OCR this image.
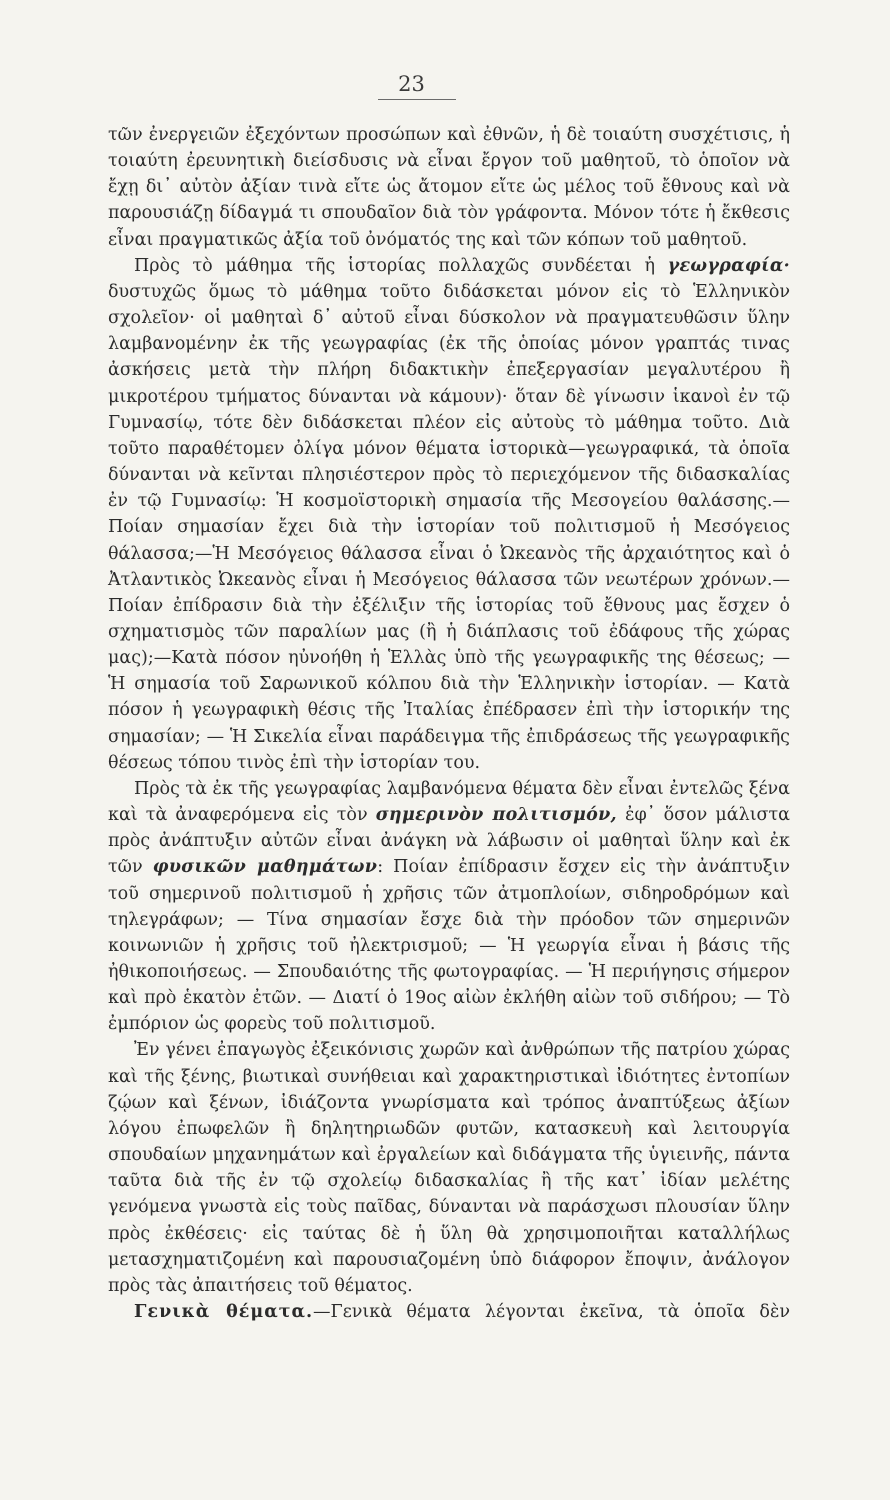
23

τῶν ἐνεργειῶν ἐξεχόντων προσώπων καὶ ἐθνῶν, ἡ δὲ τοιαύτη συσχέτισις, ἡ τοιαύτη ἐρευνητικὴ διείσδυσις νὰ εἶναι ἔργον τοῦ μαθητοῦ, τὸ ὁποῖον νὰ ἔχῃ δι᾽ αὐτὸν ἀξίαν τινὰ εἴτε ὡς ἄτομον εἴτε ὡς μέλος τοῦ ἔθνους καὶ νὰ παρουσιάζῃ δίδαγμά τι σπουδαῖον διὰ τὸν γράφοντα. Μόνον τότε ἡ ἔκθεσις εἶναι πραγματικῶς ἀξία τοῦ ὀνόματός της καὶ τῶν κόπων τοῦ μαθητοῦ.

Πρὸς τὸ μάθημα τῆς ἱστορίας πολλαχῶς συνδέεται ἡ γεωγραφία· δυστυχῶς ὅμως τὸ μάθημα τοῦτο διδάσκεται μόνον εἰς τὸ Ἑλληνικὸν σχολεῖον· οἱ μαθηταὶ δ᾽ αὐτοῦ εἶναι δύσκολον νὰ πραγματευθῶσιν ὕλην λαμβανομένην ἐκ τῆς γεωγραφίας (ἐκ τῆς ὁποίας μόνον γραπτάς τινας ἀσκήσεις μετὰ τὴν πλήρη διδακτικὴν ἐπεξεργασίαν μεγαλυτέρου ἢ μικροτέρου τμήματος δύνανται νὰ κάμουν)· ὅταν δὲ γίνωσιν ἱκανοὶ ἐν τῷ Γυμνασίῳ, τότε δὲν διδάσκεται πλέον εἰς αὐτοὺς τὸ μάθημα τοῦτο. Διὰ τοῦτο παραθέτομεν ὀλίγα μόνον θέματα ἱστορικὰ—γεωγραφικά, τὰ ὁποῖα δύνανται νὰ κεῖνται πλησιέστερον πρὸς τὸ περιεχόμενον τῆς διδασκαλίας ἐν τῷ Γυμνασίῳ: Ἡ κοσμοϊστορικὴ σημασία τῆς Μεσογείου θαλάσσης.—Ποίαν σημασίαν ἔχει διὰ τὴν ἱστορίαν τοῦ πολιτισμοῦ ἡ Μεσόγειος θάλασσα;—Ἡ Μεσόγειος θάλασσα εἶναι ὁ Ὠκεανὸς τῆς ἀρχαιότητος καὶ ὁ Ἀτλαντικὸς Ὠκεανὸς εἶναι ἡ Μεσόγειος θάλασσα τῶν νεωτέρων χρόνων.—Ποίαν ἐπίδρασιν διὰ τὴν ἐξέλιξιν τῆς ἱστορίας τοῦ ἔθνους μας ἔσχεν ὁ σχηματισμὸς τῶν παραλίων μας (ἢ ἡ διάπλασις τοῦ ἐδάφους τῆς χώρας μας);—Κατὰ πόσον ηὐνοήθη ἡ Ἑλλὰς ὑπὸ τῆς γεωγραφικῆς της θέσεως; — Ἡ σημασία τοῦ Σαρωνικοῦ κόλπου διὰ τὴν Ἑλληνικὴν ἱστορίαν. — Κατὰ πόσον ἡ γεωγραφικὴ θέσις τῆς Ἰταλίας ἐπέδρασεν ἐπὶ τὴν ἱστορικήν της σημασίαν; — Ἡ Σικελία εἶναι παράδειγμα τῆς ἐπιδράσεως τῆς γεωγραφικῆς θέσεως τόπου τινὸς ἐπὶ τὴν ἱστορίαν του.

Πρὸς τὰ ἐκ τῆς γεωγραφίας λαμβανόμενα θέματα δὲν εἶναι ἐντελῶς ξένα καὶ τὰ ἀναφερόμενα εἰς τὸν σημερινὸν πολιτισμόν, ἐφ᾽ ὅσον μάλιστα πρὸς ἀνάπτυξιν αὐτῶν εἶναι ἀνάγκη νὰ λάβωσιν οἱ μαθηταὶ ὕλην καὶ ἐκ τῶν φυσικῶν μαθημάτων: Ποίαν ἐπίδρασιν ἔσχεν εἰς τὴν ἀνάπτυξιν τοῦ σημερινοῦ πολιτισμοῦ ἡ χρῆσις τῶν ἀτμοπλοίων, σιδηροδρόμων καὶ τηλεγράφων; — Τίνα σημασίαν ἔσχε διὰ τὴν πρόοδον τῶν σημερινῶν κοινωνιῶν ἡ χρῆσις τοῦ ἠλεκτρισμοῦ; — Ἡ γεωργία εἶναι ἡ βάσις τῆς ἠθικοποιήσεως. — Σπουδαιότης τῆς φωτογραφίας. — Ἡ περιήγησις σήμερον καὶ πρὸ ἑκατὸν ἐτῶν. — Διατί ὁ 19ος αἰὼν ἐκλήθη αἰὼν τοῦ σιδήρου; — Τὸ ἐμπόριον ὡς φορεὺς τοῦ πολιτισμοῦ.

Ἐν γένει ἐπαγωγὸς ἐξεικόνισις χωρῶν καὶ ἀνθρώπων τῆς πατρίου χώρας καὶ τῆς ξένης, βιωτικαὶ συνήθειαι καὶ χαρακτηριστικαὶ ἰδιότητες ἐντοπίων ζῴων καὶ ξένων, ἰδιάζοντα γνωρίσματα καὶ τρόπος ἀναπτύξεως ἀξίων λόγου ἐπωφελῶν ἢ δηλητηριωδῶν φυτῶν, κατασκευὴ καὶ λειτουργία σπουδαίων μηχανημάτων καὶ ἐργαλείων καὶ διδάγματα τῆς ὑγιεινῆς, πάντα ταῦτα διὰ τῆς ἐν τῷ σχολείῳ διδασκαλίας ἢ τῆς κατ᾽ ἰδίαν μελέτης γενόμενα γνωστὰ εἰς τοὺς παῖδας, δύνανται νὰ παράσχωσι πλουσίαν ὕλην πρὸς ἐκθέσεις· εἰς ταύτας δὲ ἡ ὕλη θὰ χρησιμοποιῆται καταλλήλως μετασχηματιζομένη καὶ παρουσιαζομένη ὑπὸ διάφορον ἔποψιν, ἀνάλογον πρὸς τὰς ἀπαιτήσεις τοῦ θέματος.

Γενικὰ θέματα.—Γενικὰ θέματα λέγονται ἐκεῖνα, τὰ ὁποῖα δὲν
